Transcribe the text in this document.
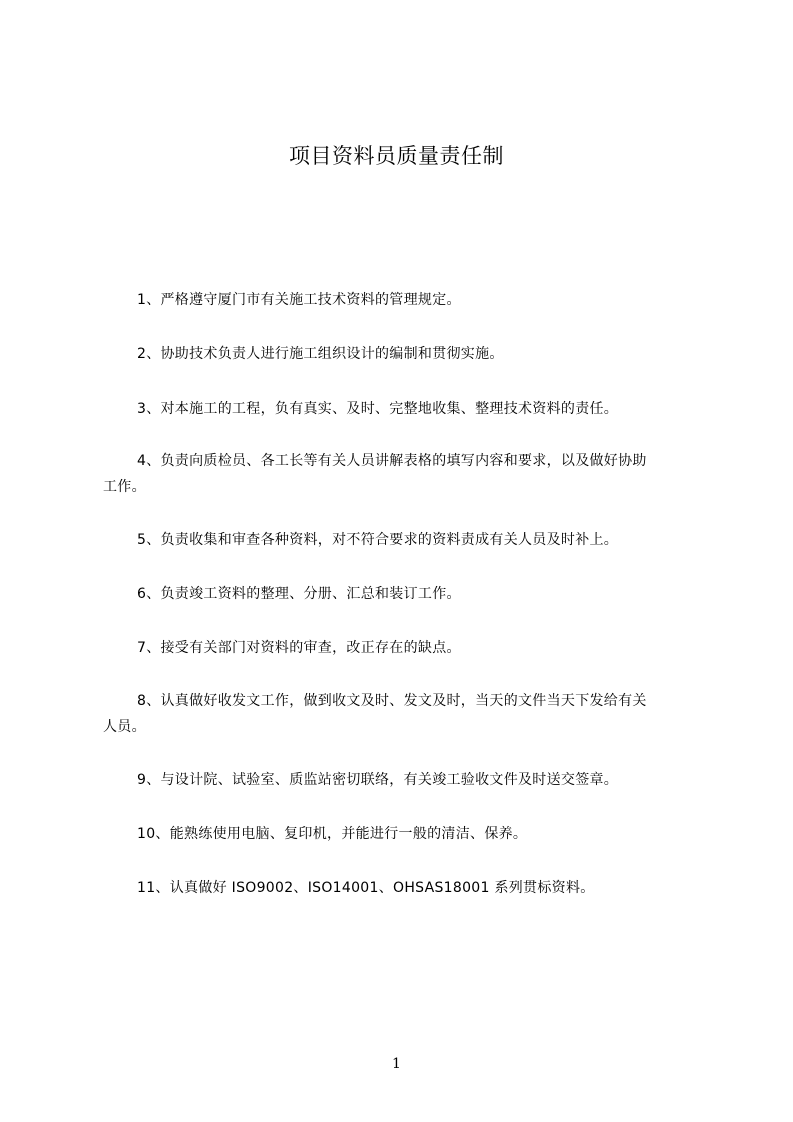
项目资料员质量责任制
1、严格遵守厦门市有关施工技术资料的管理规定。
2、协助技术负责人进行施工组织设计的编制和贯彻实施。
3、对本施工的工程，负有真实、及时、完整地收集、整理技术资料的责任。
4、负责向质检员、各工长等有关人员讲解表格的填写内容和要求，以及做好协助
工作。
5、负责收集和审查各种资料，对不符合要求的资料责成有关人员及时补上。
6、负责竣工资料的整理、分册、汇总和装订工作。
7、接受有关部门对资料的审查，改正存在的缺点。
8、认真做好收发文工作，做到收文及时、发文及时，当天的文件当天下发给有关
人员。
9、与设计院、试验室、质监站密切联络，有关竣工验收文件及时送交签章。
10、能熟练使用电脑、复印机，并能进行一般的清洁、保养。
11、认真做好 ISO9002、ISO14001、OHSAS18001 系列贯标资料。
1
